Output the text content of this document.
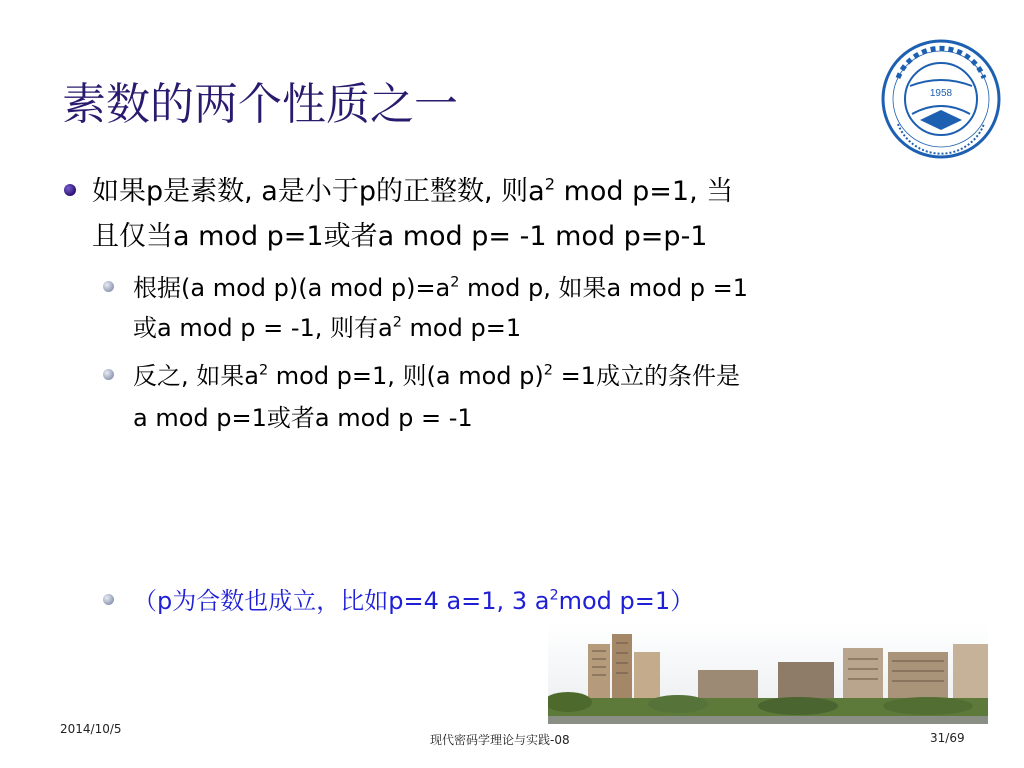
素数的两个性质之一	1958
如果p是素数, a是小于p的正整数, 则$a^2$ mod p=1, 当
且仅当a mod p=1或者a mod p= -1 mod p=p-1
根据(a mod p)(a mod $p)=a^2$ mod p, 如果a mod p =1
或a mod p = -1, 则有$a^2$ mod p=1
反之, 如果$a^2$ mod p=1, 则(a mod p)$^2$ =1成立的条件是
a mod p=1或者a mod p = -1
（p为合数也成立，比如p=4 a=1, 3 $a^2mod$ p=1）
2014/10/5
现代密码学理论与实践-08	31/69
